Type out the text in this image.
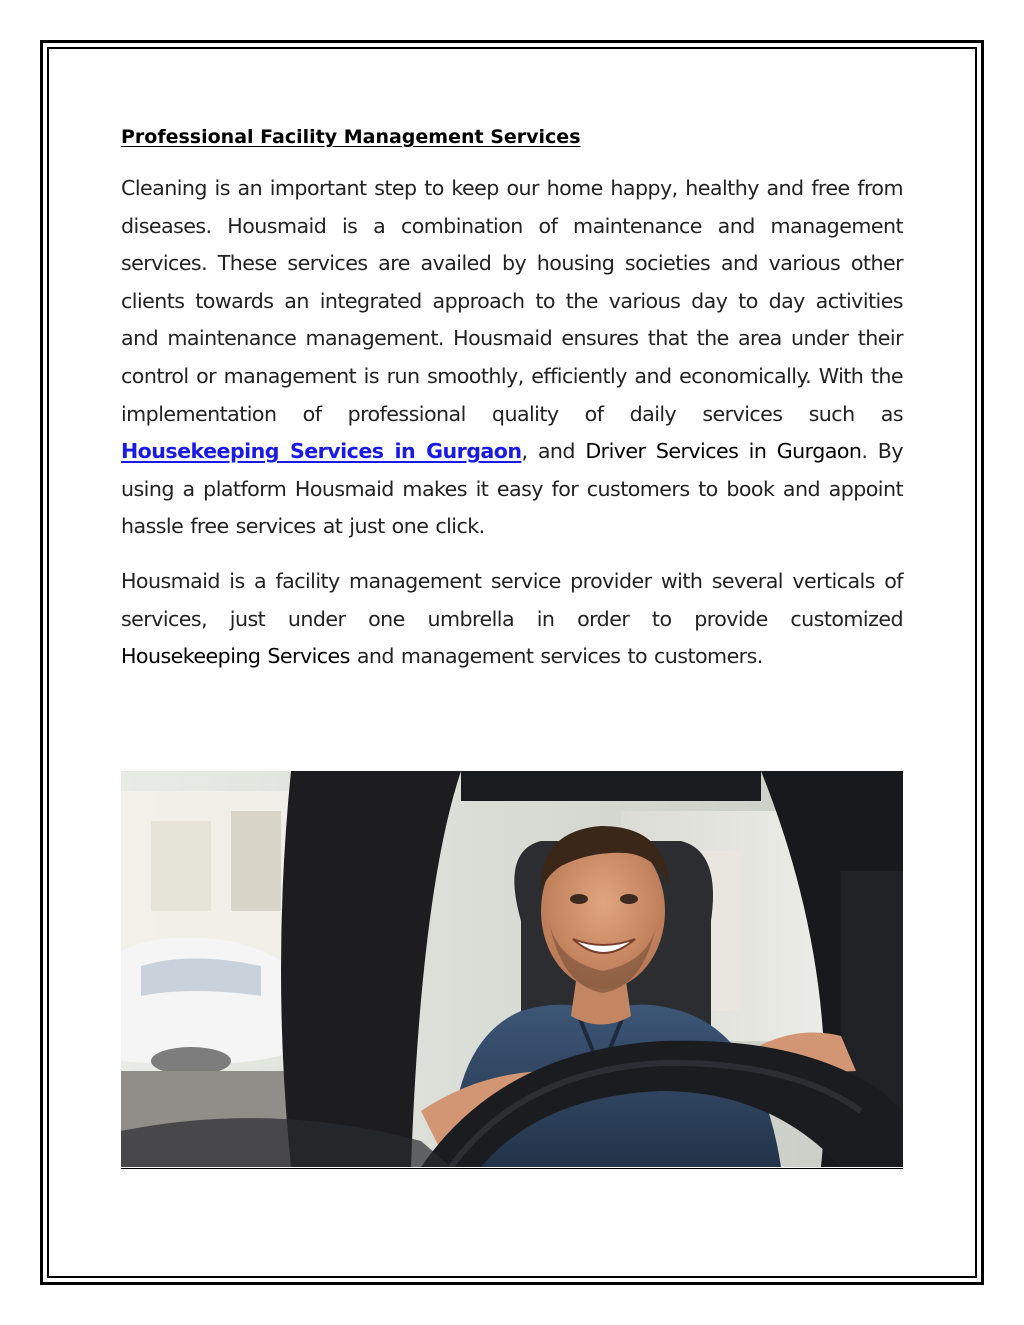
Professional Facility Management Services

Cleaning is an important step to keep our home happy, healthy and free from diseases. Housmaid is a combination of maintenance and management services. These services are availed by housing societies and various other clients towards an integrated approach to the various day to day activities and maintenance management. Housmaid ensures that the area under their control or management is run smoothly, efficiently and economically. With the implementation of professional quality of daily services such as Housekeeping Services in Gurgaon, and Driver Services in Gurgaon. By using a platform Housmaid makes it easy for customers to book and appoint hassle free services at just one click.

Housmaid is a facility management service provider with several verticals of services, just under one umbrella in order to provide customized Housekeeping Services and management services to customers.
